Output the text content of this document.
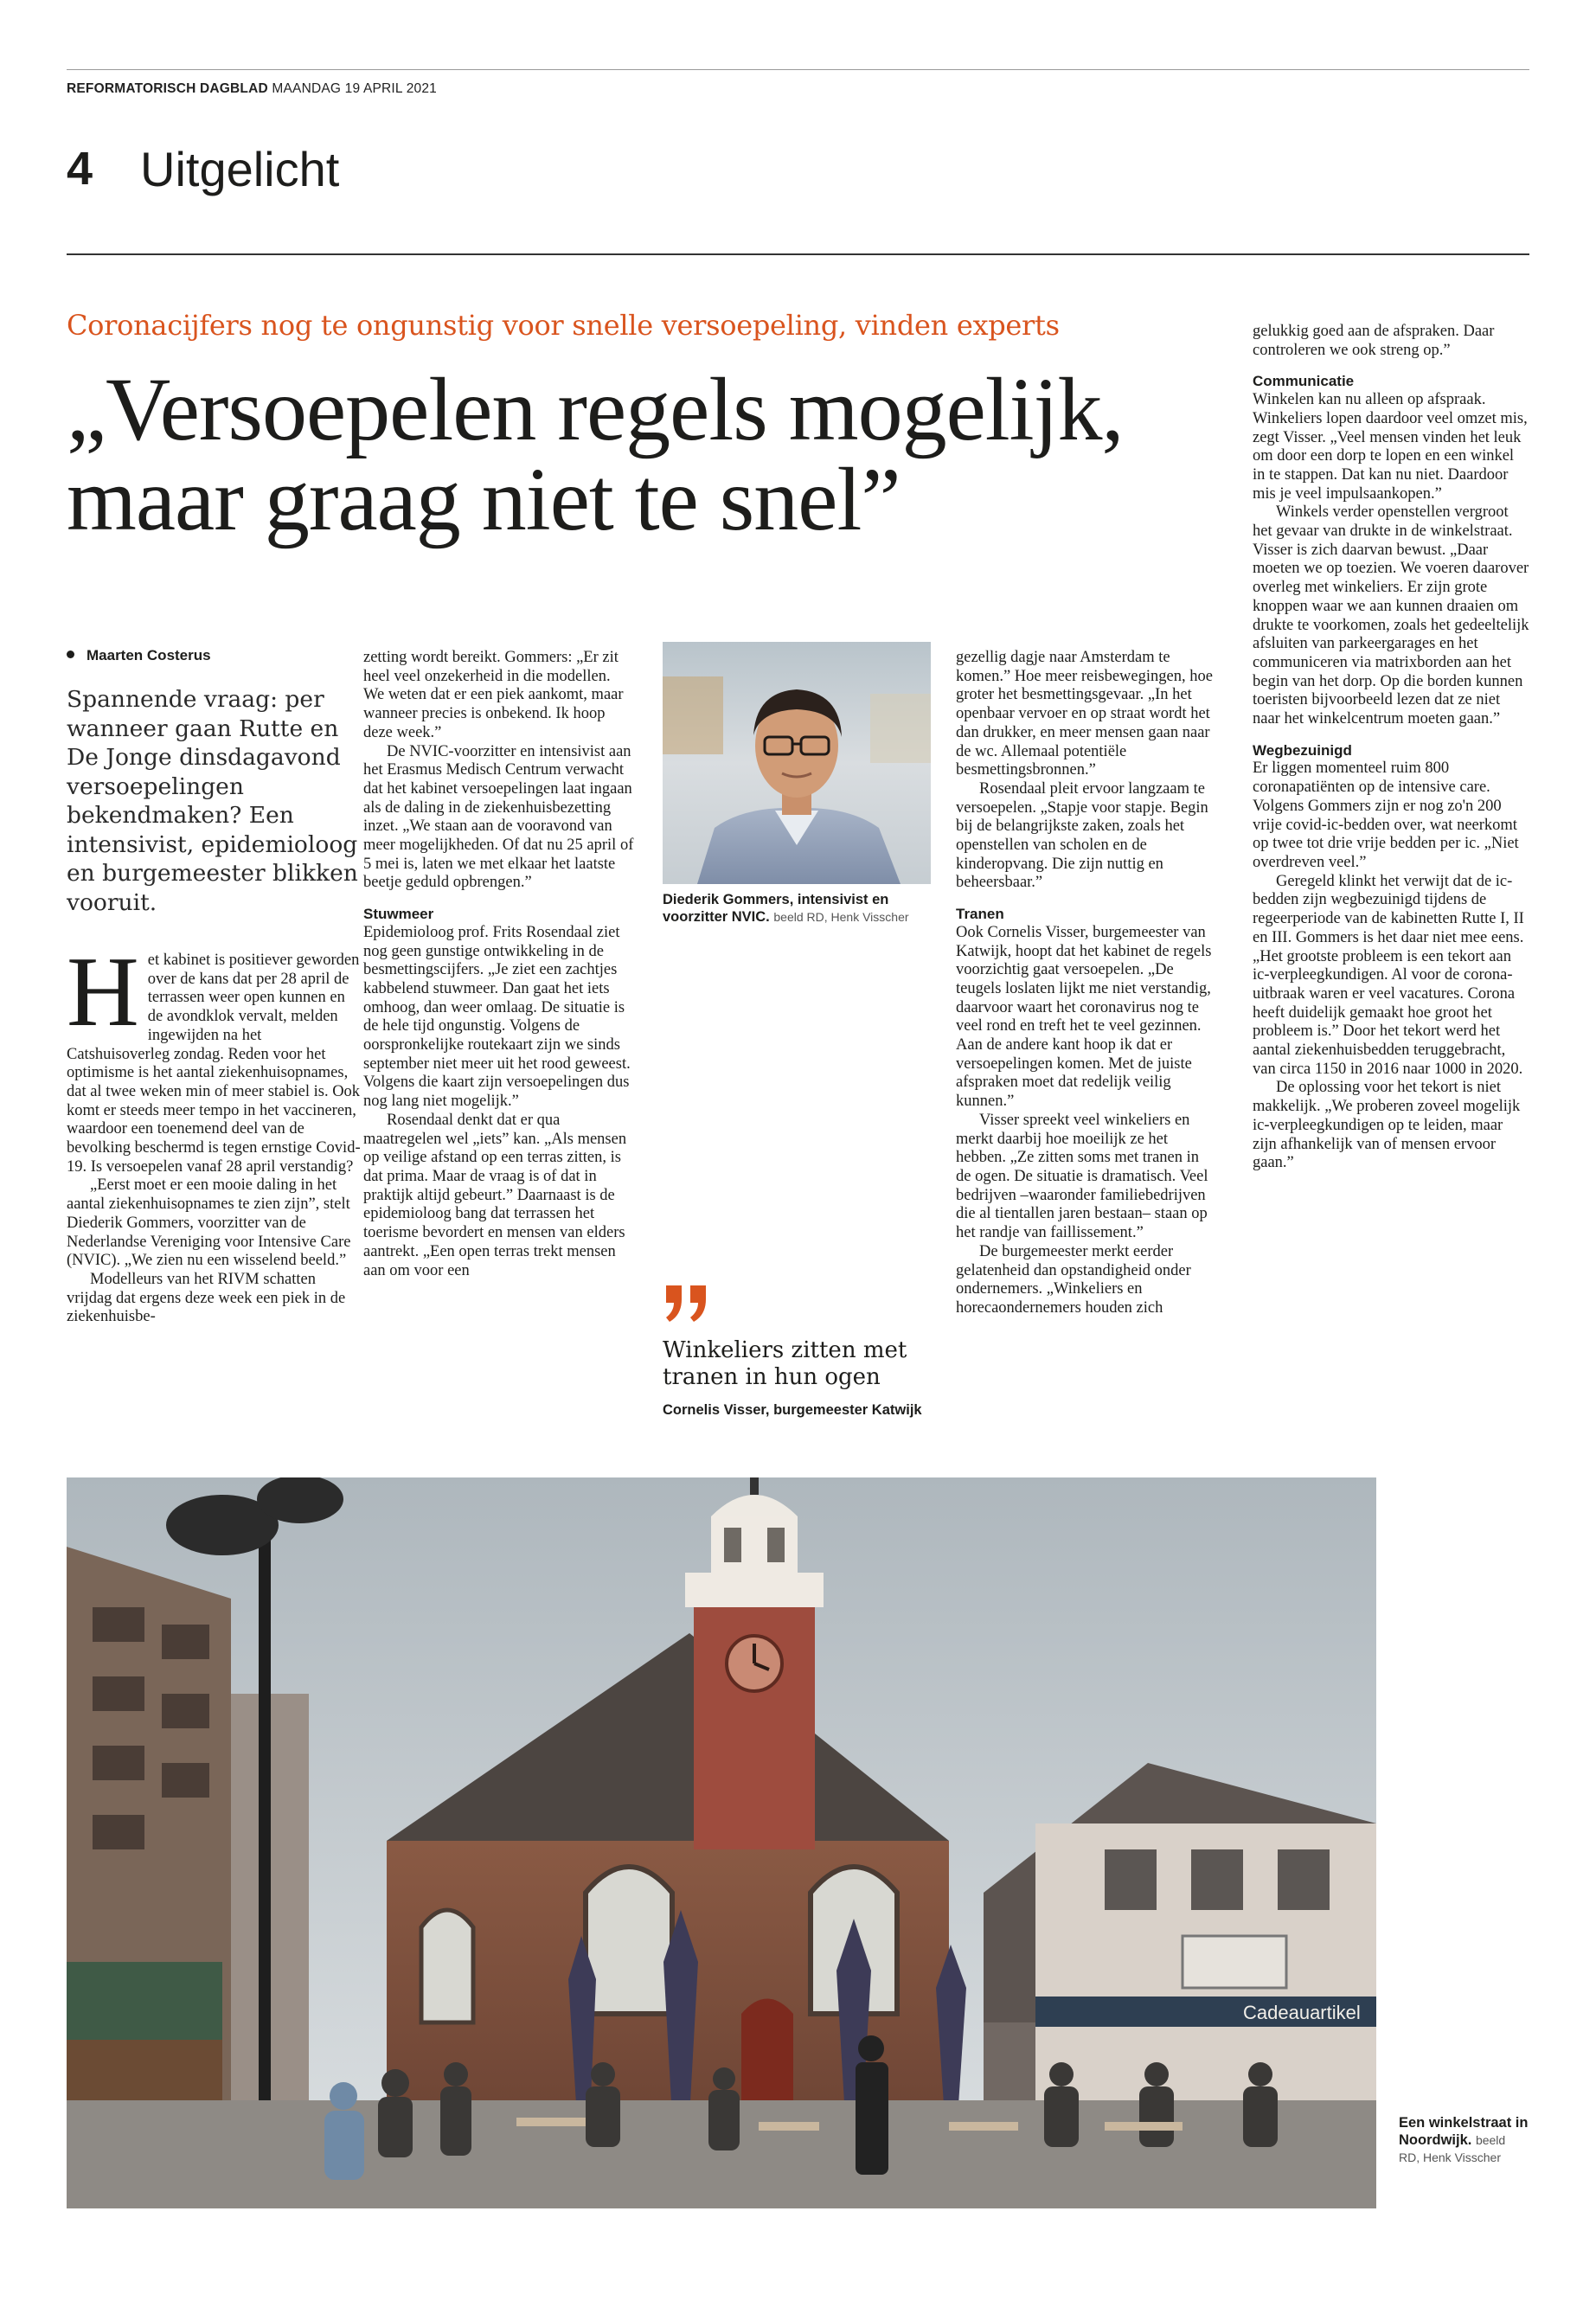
REFORMATORISCH DAGBLAD MAANDAG 19 APRIL 2021
4 Uitgelicht
Coronacijfers nog te ongunstig voor snelle versoepeling, vinden experts
„Versoepelen regels mogelijk,
maar graag niet te snel”
Maarten Costerus
Spannende vraag: per wanneer gaan Rutte en De Jonge dinsdagavond versoepelingen bekendmaken? Een intensivist, epidemioloog en burgemeester blikken vooruit.

Het kabinet is positiever geworden over de kans dat per 28 april de terrassen weer open kunnen en de avondklok vervalt, melden ingewijden na het Catshuisoverleg zondag. Reden voor het optimisme is het aantal ziekenhuisopnames, dat al twee weken min of meer stabiel is. Ook komt er steeds meer tempo in het vaccineren, waardoor een toenemend deel van de bevolking beschermd is tegen ernstige Covid-19. Is versoepelen vanaf 28 april verstandig?

„Eerst moet er een mooie daling in het aantal ziekenhuisopnames te zien zijn”, stelt Diederik Gommers, voorzitter van de Nederlandse Vereniging voor Intensive Care (NVIC). „We zien nu een wisselend beeld.”

Modelleurs van het RIVM schatten vrijdag dat ergens deze week een piek in de ziekenhuisbe-

zetting wordt bereikt. Gommers: „Er zit heel veel onzekerheid in die modellen. We weten dat er een piek aankomt, maar wanneer precies is onbekend. Ik hoop deze week.”

De NVIC-voorzitter en intensivist aan het Erasmus Medisch Centrum verwacht dat het kabinet versoepelingen laat ingaan als de daling in de ziekenhuisbezetting inzet. „We staan aan de vooravond van meer mogelijkheden. Of dat nu 25 april of 5 mei is, laten we met elkaar het laatste beetje geduld opbrengen.”

Stuwmeer

Epidemioloog prof. Frits Rosendaal ziet nog geen gunstige ontwikkeling in de besmettingscijfers. „Je ziet een zachtjes kabbelend stuwmeer. Dan gaat het iets omhoog, dan weer omlaag. De situatie is de hele tijd ongunstig. Volgens de oorspronkelijke routekaart zijn we sinds september niet meer uit het rood geweest. Volgens die kaart zijn versoepelingen dus nog lang niet mogelijk.”

Rosendaal denkt dat er qua maatregelen wel „iets” kan. „Als mensen op veilige afstand op een terras zitten, is dat prima. Maar de vraag is of dat in praktijk altijd gebeurt.” Daarnaast is de epidemioloog bang dat terrassen het toerisme bevordert en mensen van elders aantrekt. „Een open terras trekt mensen aan om voor een

Diederik Gommers, intensivist en voorzitter NVIC. beeld RD, Henk Visscher
Winkeliers zitten met tranen in hun ogen
Cornelis Visser, burgemeester Katwijk

gezellig dagje naar Amsterdam te komen.” Hoe meer reisbewegingen, hoe groter het besmettingsgevaar. „In het openbaar vervoer en op straat wordt het dan drukker, en meer mensen gaan naar de wc. Allemaal potentiële besmettingsbronnen.”

Rosendaal pleit ervoor langzaam te versoepelen. „Stapje voor stapje. Begin bij de belangrijkste zaken, zoals het openstellen van scholen en de kinderopvang. Die zijn nuttig en beheersbaar.”

Tranen

Ook Cornelis Visser, burgemeester van Katwijk, hoopt dat het kabinet de regels voorzichtig gaat versoepelen. „De teugels loslaten lijkt me niet verstandig, daarvoor waart het coronavirus nog te veel rond en treft het te veel gezinnen. Aan de andere kant hoop ik dat er versoepelingen komen. Met de juiste afspraken moet dat redelijk veilig kunnen.”

Visser spreekt veel winkeliers en merkt daarbij hoe moeilijk ze het hebben. „Ze zitten soms met tranen in de ogen. De situatie is dramatisch. Veel bedrijven –waaronder familiebedrijven die al tientallen jaren bestaan– staan op het randje van faillissement.”

De burgemeester merkt eerder gelatenheid dan opstandigheid onder ondernemers. „Winkeliers en horecaondernemers houden zich

gelukkig goed aan de afspraken. Daar controleren we ook streng op.”

Communicatie

Winkelen kan nu alleen op afspraak. Winkeliers lopen daardoor veel omzet mis, zegt Visser. „Veel mensen vinden het leuk om door een dorp te lopen en een winkel in te stappen. Dat kan nu niet. Daardoor mis je veel impulsaankopen.”

Winkels verder openstellen vergroot het gevaar van drukte in de winkelstraat. Visser is zich daarvan bewust. „Daar moeten we op toezien. We voeren daarover overleg met winkeliers. Er zijn grote knoppen waar we aan kunnen draaien om drukte te voorkomen, zoals het gedeeltelijk afsluiten van parkeergarages en het communiceren via matrixborden aan het begin van het dorp. Op die borden kunnen toeristen bijvoorbeeld lezen dat ze niet naar het winkelcentrum moeten gaan.”

Wegbezuinigd

Er liggen momenteel ruim 800 coronapatiënten op de intensive care. Volgens Gommers zijn er nog zo'n 200 vrije covid-ic-bedden over, wat neerkomt op twee tot drie vrije bedden per ic. „Niet overdreven veel.”

Geregeld klinkt het verwijt dat de ic-bedden zijn wegbezuinigd tijdens de regeerperiode van de kabinetten Rutte I, II en III. Gommers is het daar niet mee eens. „Het grootste probleem is een tekort aan ic-verpleegkundigen. Al voor de corona-uitbraak waren er veel vacatures. Corona heeft duidelijk gemaakt hoe groot het probleem is.” Door het tekort werd het aantal ziekenhuisbedden teruggebracht, van circa 1150 in 2016 naar 1000 in 2020.

De oplossing voor het tekort is niet makkelijk. „We proberen zoveel mogelijk ic-verpleegkundigen op te leiden, maar zijn afhankelijk van of mensen ervoor gaan.”

Cadeauartikel
Een winkelstraat in Noordwijk. beeld RD, Henk Visscher
